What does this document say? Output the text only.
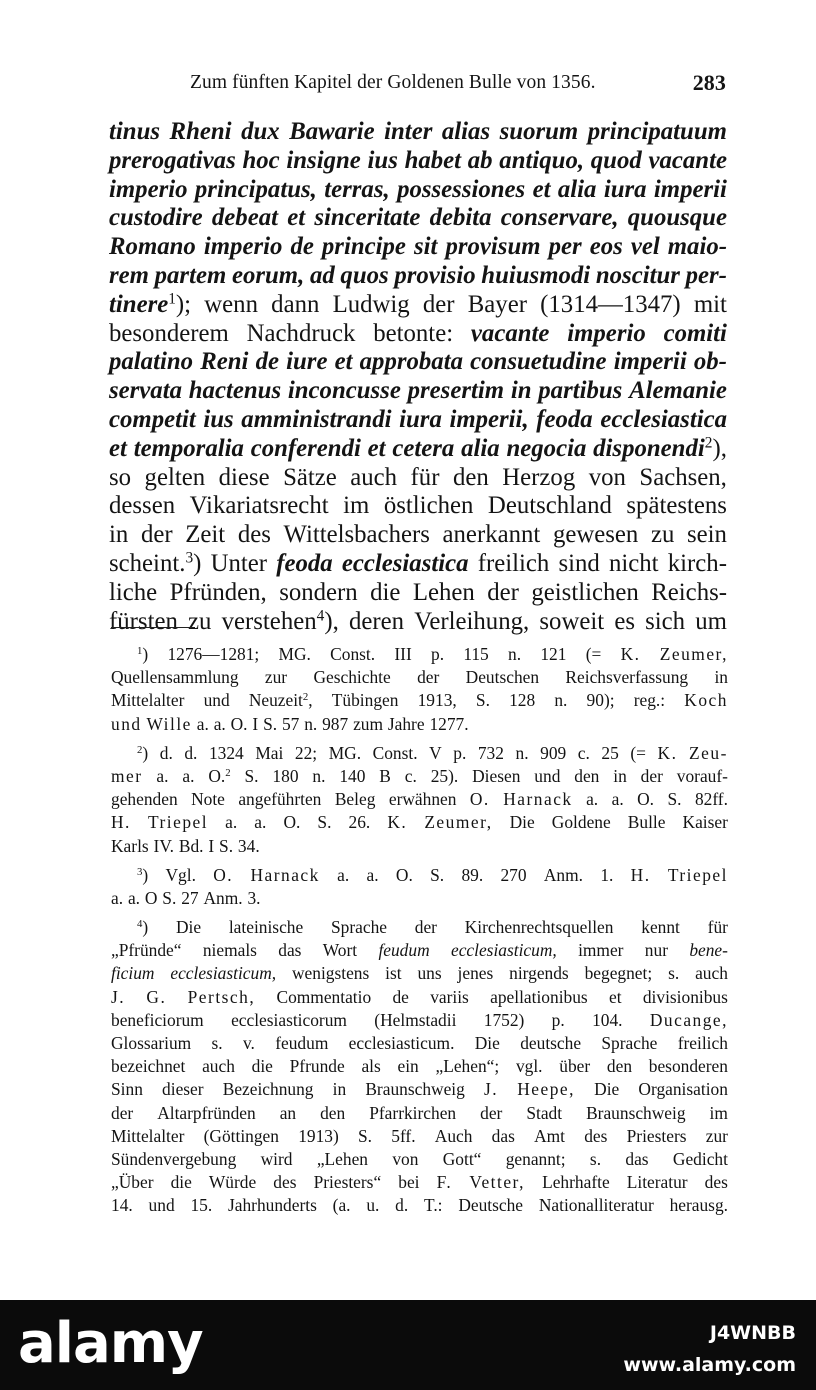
Zum fünften Kapitel der Goldenen Bulle von 1356.	283
tinus Rheni dux Bawarie inter alias suorum principatuum
prerogativas hoc insigne ius habet ab antiquo, quod vacante
imperio principatus, terras, possessiones et alia iura imperii
custodire debeat et sinceritate debita conservare, quousque
Romano imperio de principe sit provisum per eos vel maio-
rem partem eorum, ad quos provisio huiusmodi noscitur per-
tinere$^1$); wenn dann Ludwig der Bayer (1314—1347) mit
besonderem Nachdruck betonte: vacante imperio comiti
palatino Reni de iure et approbata consuetudine imperii ob-
servata hactenus inconcusse presertim in partibus Alemanie
competit ius amministrandi iura imperii, feoda ecclesiastica
et temporalia conferendi et cetera alia negocia disponendi$^2$),
so gelten diese Sätze auch für den Herzog von Sachsen,
dessen Vikariatsrecht im östlichen Deutschland spätestens
in der Zeit des Wittelsbachers anerkannt gewesen zu sein
scheint.$^3$) Unter feoda ecclesiastica freilich sind nicht kirch-
liche Pfründen, sondern die Lehen der geistlichen Reichs-
fürsten zu verstehen$^4$), deren Verleihung, soweit es sich um
$^1$) 1276—1281; MG. Const. III p. 115 n. 121 (= K. Zeumer,
Quellensammlung zur Geschichte der Deutschen Reichsverfassung in
Mittelalter und Neuzeit$^2$, Tübingen 1913, S. 128 n. 90); reg.: Koch
und Wille a. a. O. I S. 57 n. 987 zum Jahre 1277.
$^2$) d. d. 1324 Mai 22; MG. Const. V p. 732 n. 909 c. 25 (= K. Zeu-
mer a. a. O.$^2$ S. 180 n. 140 B c. 25). Diesen und den in der vorauf-
gehenden Note angeführten Beleg erwähnen O. Harnack a. a. O. S. 82ff.
H. Triepel a. a. O. S. 26. K. Zeumer, Die Goldene Bulle Kaiser
Karls IV. Bd. I S. 34.
$^3$) Vgl. O. Harnack a. a. O. S. 89. 270 Anm. 1. H. Triepel
a. a. O S. 27 Anm. 3.
$^4$) Die lateinische Sprache der Kirchenrechtsquellen kennt für
„Pfründe“ niemals das Wort feudum ecclesiasticum, immer nur bene-
ficium ecclesiasticum, wenigstens ist uns jenes nirgends begegnet; s. auch
J. G. Pertsch, Commentatio de variis apellationibus et divisionibus
beneficiorum ecclesiasticorum (Helmstadii 1752) p. 104. Ducange,
Glossarium s. v. feudum ecclesiasticum. Die deutsche Sprache freilich
bezeichnet auch die Pfrunde als ein „Lehen“; vgl. über den besonderen
Sinn dieser Bezeichnung in Braunschweig J. Heepe, Die Organisation
der Altarpfründen an den Pfarrkirchen der Stadt Braunschweig im
Mittelalter (Göttingen 1913) S. 5ff. Auch das Amt des Priesters zur
Sündenvergebung wird „Lehen von Gott“ genannt; s. das Gedicht
„Über die Würde des Priesters“ bei F. Vetter, Lehrhafte Literatur des
14. und 15. Jahrhunderts (a. u. d. T.: Deutsche Nationalliteratur herausg.
alamy	J4WNBB
www.alamy.com
